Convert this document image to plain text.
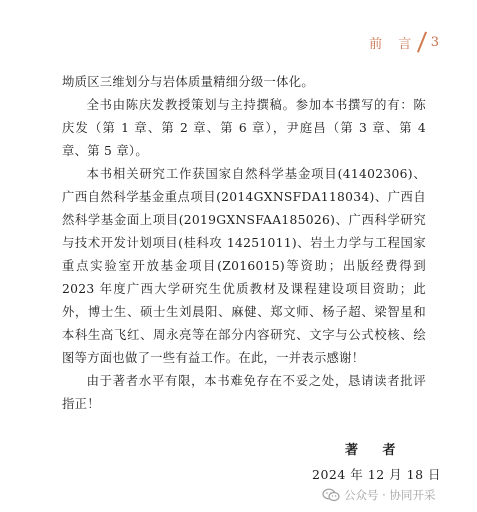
前 言 3

坳质区三维划分与岩体质量精细分级一体化。

全书由陈庆发教授策划与主持撰稿。参加本书撰写的有：陈庆发（第 1 章、第 2 章、第 6 章），尹庭昌（第 3 章、第 4 章、第 5 章）。

本书相关研究工作获国家自然科学基金项目(41402306)、广西自然科学基金重点项目(2014GXNSFDA118034)、广西自然科学基金面上项目(2019GXNSFAA185026)、广西科学研究与技术开发计划项目(桂科攻 14251011)、岩土力学与工程国家重点实验室开放基金项目(Z016015)等资助；出版经费得到 2023 年度广西大学研究生优质教材及课程建设项目资助；此外，博士生、硕士生刘晨阳、麻健、郑文师、杨子超、梁智星和本科生高飞红、周永亮等在部分内容研究、文字与公式校核、绘图等方面也做了一些有益工作。在此，一并表示感谢！

由于著者水平有限，本书难免存在不妥之处，恳请读者批评指正！

著 者
2024 年 12 月 18 日
公众号 · 协同开采
